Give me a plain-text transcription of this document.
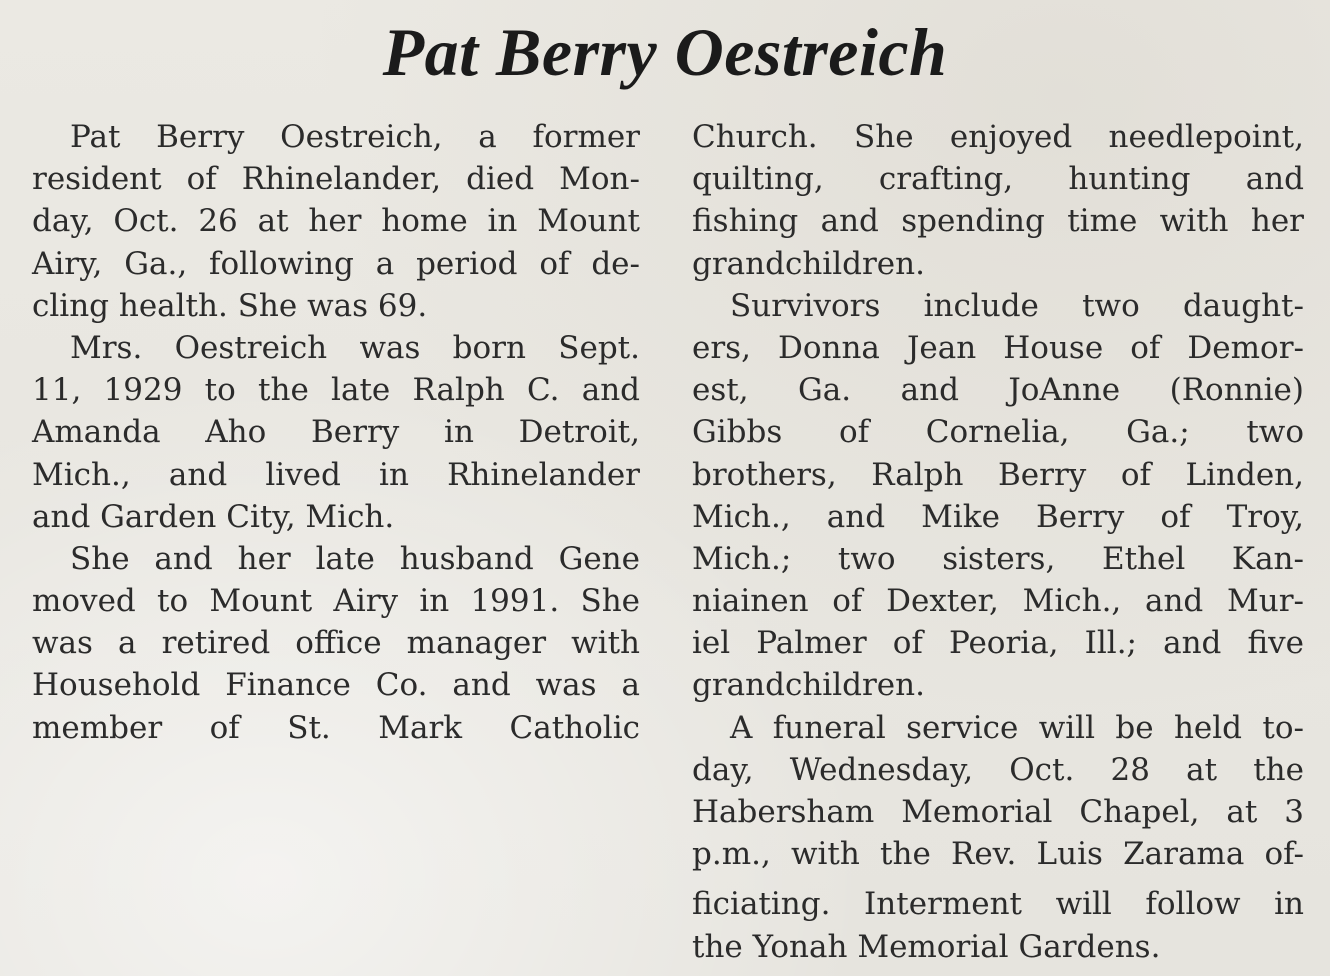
Pat Berry Oestreich
Pat Berry Oestreich, a former
resident of Rhinelander, died Mon-
day, Oct. 26 at her home in Mount
Airy, Ga., following a period of de-
cling health. She was 69.
Mrs. Oestreich was born Sept.
11, 1929 to the late Ralph C. and
Amanda Aho Berry in Detroit,
Mich., and lived in Rhinelander
and Garden City, Mich.
She and her late husband Gene
moved to Mount Airy in 1991. She
was a retired office manager with
Household Finance Co. and was a
member of St. Mark Catholic
Church. She enjoyed needlepoint,
quilting, crafting, hunting and
fishing and spending time with her
grandchildren.
Survivors include two daught-
ers, Donna Jean House of Demor-
est, Ga. and JoAnne (Ronnie)
Gibbs of Cornelia, Ga.; two
brothers, Ralph Berry of Linden,
Mich., and Mike Berry of Troy,
Mich.; two sisters, Ethel Kan-
niainen of Dexter, Mich., and Mur-
iel Palmer of Peoria, Ill.; and five
grandchildren.
A funeral service will be held to-
day, Wednesday, Oct. 28 at the
Habersham Memorial Chapel, at 3
p.m., with the Rev. Luis Zarama of-
ficiating. Interment will follow in
the Yonah Memorial Gardens.
